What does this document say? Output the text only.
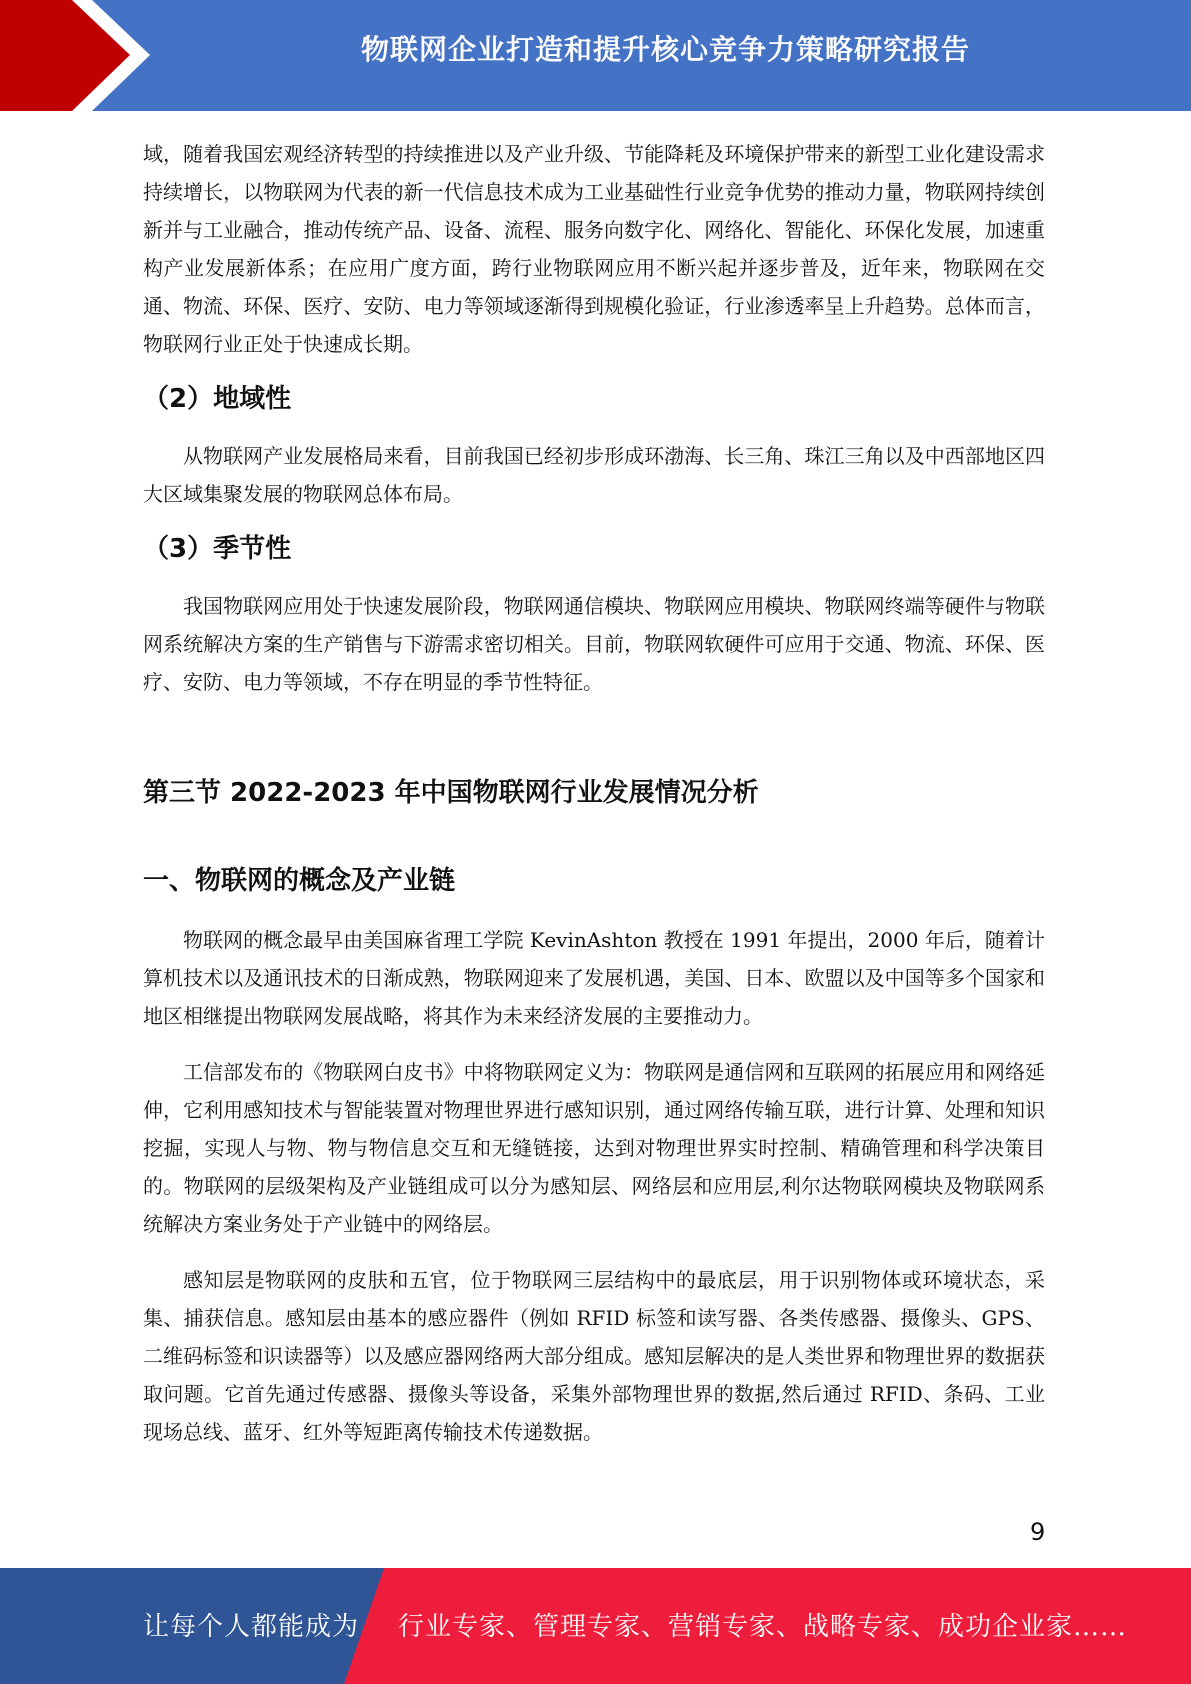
物联网企业打造和提升核心竞争力策略研究报告

域，随着我国宏观经济转型的持续推进以及产业升级、节能降耗及环境保护带来的新型工业化建设需求持续增长，以物联网为代表的新一代信息技术成为工业基础性行业竞争优势的推动力量，物联网持续创新并与工业融合，推动传统产品、设备、流程、服务向数字化、网络化、智能化、环保化发展，加速重构产业发展新体系；在应用广度方面，跨行业物联网应用不断兴起并逐步普及，近年来，物联网在交通、物流、环保、医疗、安防、电力等领域逐渐得到规模化验证，行业渗透率呈上升趋势。总体而言，物联网行业正处于快速成长期。

（2）地域性

从物联网产业发展格局来看，目前我国已经初步形成环渤海、长三角、珠江三角以及中西部地区四大区域集聚发展的物联网总体布局。

（3）季节性

我国物联网应用处于快速发展阶段，物联网通信模块、物联网应用模块、物联网终端等硬件与物联网系统解决方案的生产销售与下游需求密切相关。目前，物联网软硬件可应用于交通、物流、环保、医疗、安防、电力等领域，不存在明显的季节性特征。

第三节 2022-2023 年中国物联网行业发展情况分析
一、物联网的概念及产业链

物联网的概念最早由美国麻省理工学院 KevinAshton 教授在 1991 年提出，2000 年后，随着计算机技术以及通讯技术的日渐成熟，物联网迎来了发展机遇，美国、日本、欧盟以及中国等多个国家和地区相继提出物联网发展战略，将其作为未来经济发展的主要推动力。

工信部发布的《物联网白皮书》中将物联网定义为：物联网是通信网和互联网的拓展应用和网络延伸，它利用感知技术与智能装置对物理世界进行感知识别，通过网络传输互联，进行计算、处理和知识挖掘，实现人与物、物与物信息交互和无缝链接，达到对物理世界实时控制、精确管理和科学决策目的。物联网的层级架构及产业链组成可以分为感知层、网络层和应用层,利尔达物联网模块及物联网系统解决方案业务处于产业链中的网络层。

感知层是物联网的皮肤和五官，位于物联网三层结构中的最底层，用于识别物体或环境状态，采集、捕获信息。感知层由基本的感应器件（例如 RFID 标签和读写器、各类传感器、摄像头、GPS、二维码标签和识读器等）以及感应器网络两大部分组成。感知层解决的是人类世界和物理世界的数据获取问题。它首先通过传感器、摄像头等设备，采集外部物理世界的数据,然后通过 RFID、条码、工业现场总线、蓝牙、红外等短距离传输技术传递数据。

9
让每个人都能成为 行业专家、管理专家、营销专家、战略专家、成功企业家……
